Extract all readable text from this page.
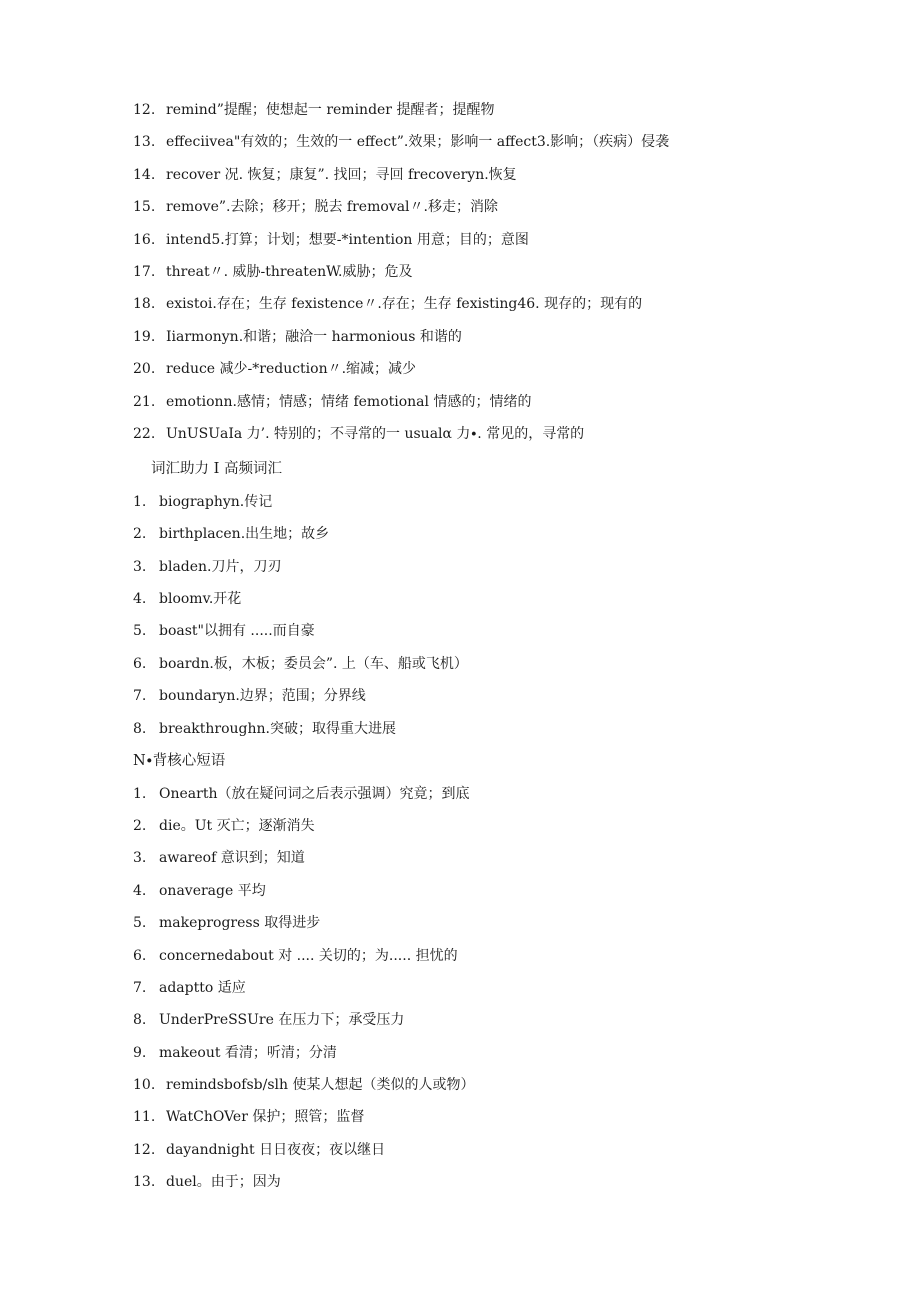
12. remind”提醒；使想起一 reminder 提醒者；提醒物
13. effeciivea"有效的；生效的一 effect”.效果；影响一 affect3.影响；（疾病）侵袭
14. recover 况. 恢复；康复”. 找回；寻回 frecoveryn.恢复
15. remove”.去除；移开；脱去 fremoval〃.移走；消除
16. intend5.打算；计划；想要-*intention 用意；目的；意图
17. threat〃. 威胁-threatenW.威胁；危及
18. existoi.存在；生存 fexistence〃.存在；生存 fexisting46. 现存的；现有的
19. Iiarmonyn.和谐；融洽一 harmonious 和谐的
20. reduce 减少-*reduction〃.缩减；减少
21. emotionn.感情；情感；情绪 femotional 情感的；情绪的
22. UnUSUaIa 力’. 特别的；不寻常的一 usualα 力∙. 常见的，寻常的
词汇助力 I 高频词汇
1. biographyn.传记
2. birthplacen.出生地；故乡
3. bladen.刀片，刀刃
4. bloomv.开花
5. boast"以拥有 .....而自豪
6. boardn.板，木板；委员会”. 上（车、船或飞机）
7. boundaryn.边界；范围；分界线
8. breakthroughn.突破；取得重大进展
N∙背核心短语
1. Onearth（放在疑问词之后表示强调）究竟；到底
2. die。Ut 灭亡；逐渐消失
3. awareof 意识到；知道
4. onaverage 平均
5. makeprogress 取得进步
6. concernedabout 对 .... 关切的；为..... 担忧的
7. adaptto 适应
8. UnderPreSSUre 在压力下；承受压力
9. makeout 看清；听清；分清
10. remindsbofsb∕slh 使某人想起（类似的人或物）
11. WatChOVer 保护；照管；监督
12. dayandnight 日日夜夜；夜以继日
13. duel。由于；因为
